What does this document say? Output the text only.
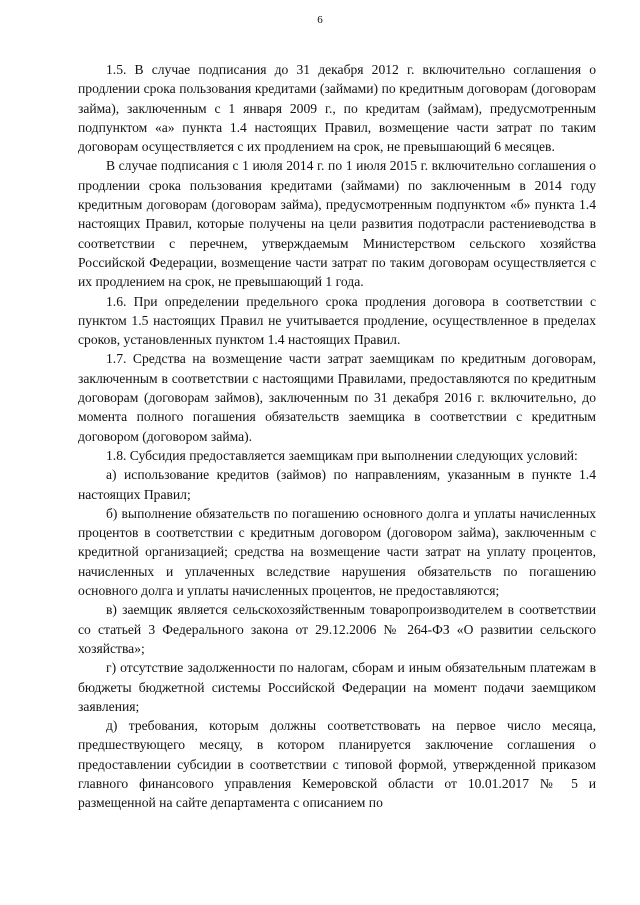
6

1.5. В случае подписания до 31 декабря 2012 г. включительно соглашения о продлении срока пользования кредитами (займами) по кредитным договорам (договорам займа), заключенным с 1 января 2009 г., по кредитам (займам), предусмотренным подпунктом «а» пункта 1.4 настоящих Правил, возмещение части затрат по таким договорам осуществляется с их продлением на срок, не превышающий 6 месяцев.

В случае подписания с 1 июля 2014 г. по 1 июля 2015 г. включительно соглашения о продлении срока пользования кредитами (займами) по заключенным в 2014 году кредитным договорам (договорам займа), предусмотренным подпунктом «б» пункта 1.4 настоящих Правил, которые получены на цели развития подотрасли растениеводства в соответствии с перечнем, утверждаемым Министерством сельского хозяйства Российской Федерации, возмещение части затрат по таким договорам осуществляется с их продлением на срок, не превышающий 1 года.

1.6. При определении предельного срока продления договора в соответствии с пунктом 1.5 настоящих Правил не учитывается продление, осуществленное в пределах сроков, установленных пунктом 1.4 настоящих Правил.

1.7. Средства на возмещение части затрат заемщикам по кредитным договорам, заключенным в соответствии с настоящими Правилами, предоставляются по кредитным договорам (договорам займов), заключенным по 31 декабря 2016 г. включительно, до момента полного погашения обязательств заемщика в соответствии с кредитным договором (договором займа).

1.8. Субсидия предоставляется заемщикам при выполнении следующих условий:

а) использование кредитов (займов) по направлениям, указанным в пункте 1.4 настоящих Правил;

б) выполнение обязательств по погашению основного долга и уплаты начисленных процентов в соответствии с кредитным договором (договором займа), заключенным с кредитной организацией; средства на возмещение части затрат на уплату процентов, начисленных и уплаченных вследствие нарушения обязательств по погашению основного долга и уплаты начисленных процентов, не предоставляются;

в) заемщик является сельскохозяйственным товаропроизводителем в соответствии со статьей 3 Федерального закона от 29.12.2006 № 264-ФЗ «О развитии сельского хозяйства»;

г) отсутствие задолженности по налогам, сборам и иным обязательным платежам в бюджеты бюджетной системы Российской Федерации на момент подачи заемщиком заявления;

д) требования, которым должны соответствовать на первое число месяца, предшествующего месяцу, в котором планируется заключение соглашения о предоставлении субсидии в соответствии с типовой формой, утвержденной приказом главного финансового управления Кемеровской области от 10.01.2017 № 5 и размещенной на сайте департамента с описанием по
